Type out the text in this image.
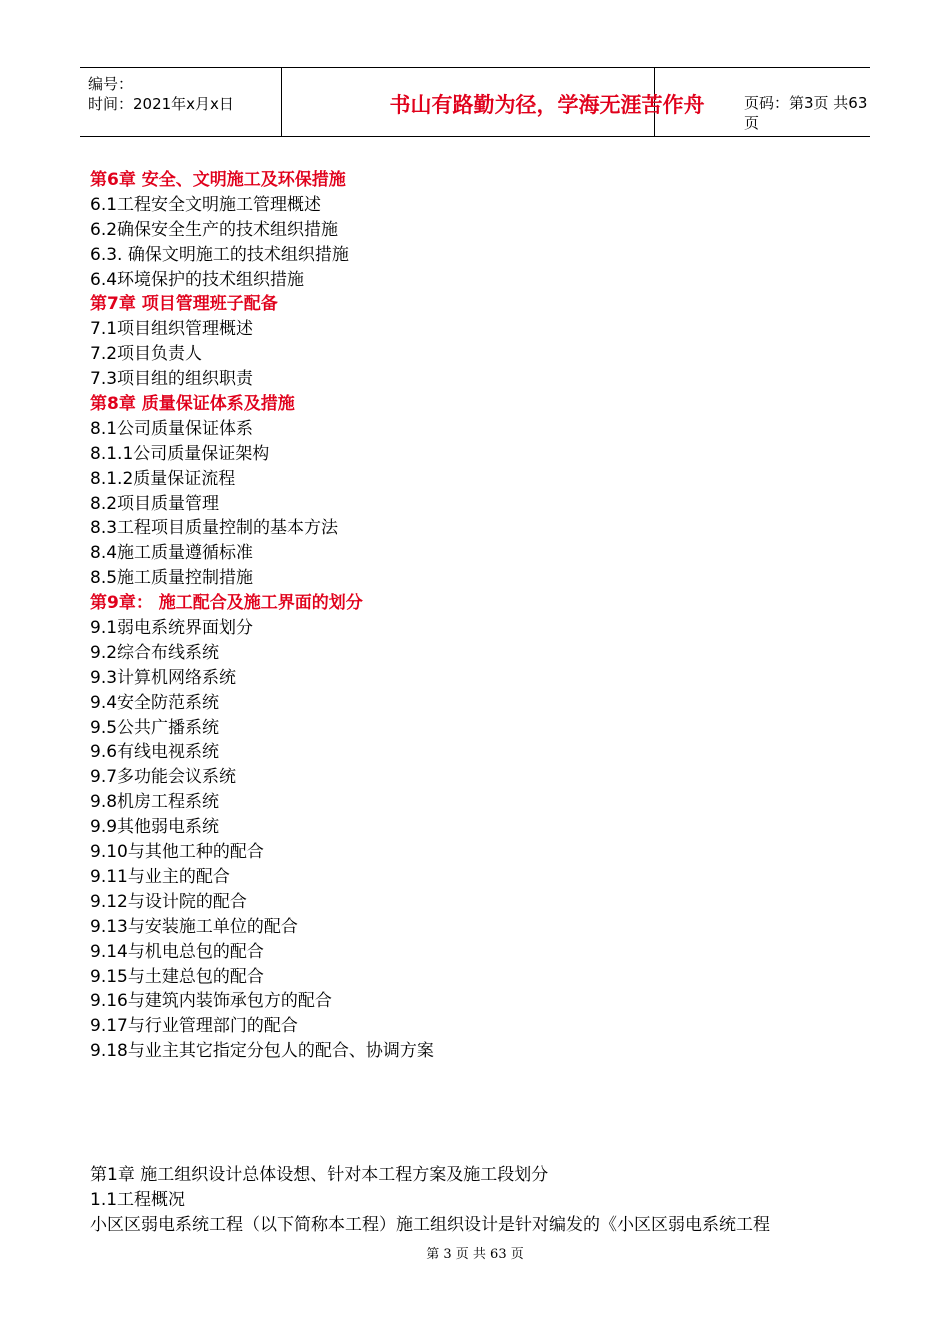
编号：
时间：2021年x月x日	书山有路勤为径，学海无涯苦作舟	页码：第3页 共63页
第6章 安全、文明施工及环保措施
6.1工程安全文明施工管理概述
6.2确保安全生产的技术组织措施
6.3. 确保文明施工的技术组织措施
6.4环境保护的技术组织措施
第7章 项目管理班子配备
7.1项目组织管理概述
7.2项目负责人
7.3项目组的组织职责
第8章 质量保证体系及措施
8.1公司质量保证体系
8.1.1公司质量保证架构
8.1.2质量保证流程
8.2项目质量管理
8.3工程项目质量控制的基本方法
8.4施工质量遵循标准
8.5施工质量控制措施
第9章： 施工配合及施工界面的划分
9.1弱电系统界面划分
9.2综合布线系统
9.3计算机网络系统
9.4安全防范系统
9.5公共广播系统
9.6有线电视系统
9.7多功能会议系统
9.8机房工程系统
9.9其他弱电系统
9.10与其他工种的配合
9.11与业主的配合
9.12与设计院的配合
9.13与安装施工单位的配合
9.14与机电总包的配合
9.15与土建总包的配合
9.16与建筑内装饰承包方的配合
9.17与行业管理部门的配合
9.18与业主其它指定分包人的配合、协调方案
第1章 施工组织设计总体设想、针对本工程方案及施工段划分
1.1工程概况
小区区弱电系统工程（以下简称本工程）施工组织设计是针对编发的《小区区弱电系统工程
第 3 页 共 63 页
